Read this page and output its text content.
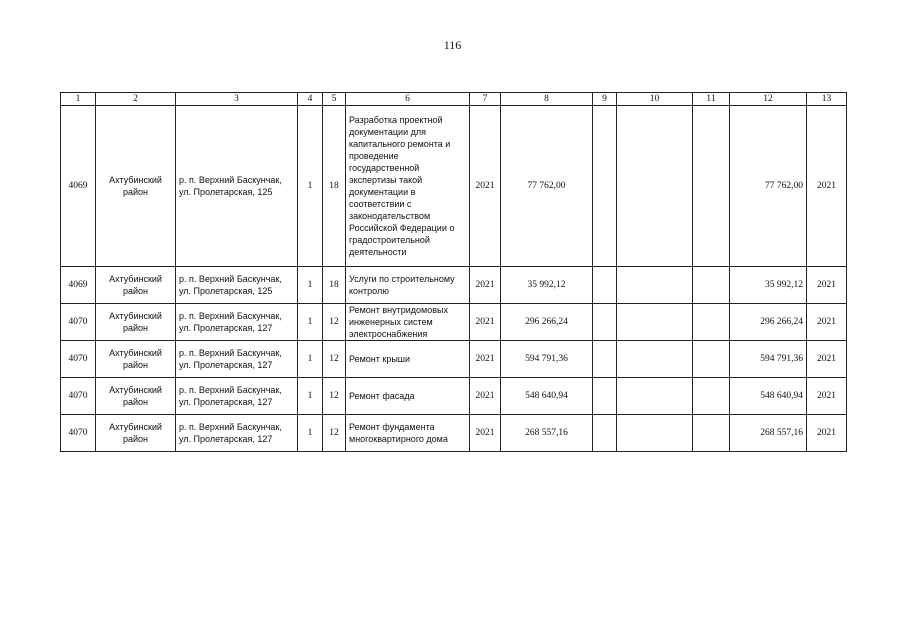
116
1	2	3	4	5	6	7	8	9	10	11	12	13
4069	Ахтубинский район	р. п. Верхний Баскунчак, ул. Пролетарская, 125	1	18	Разработка проектной документации для капитального ремонта и проведение государственной экспертизы такой документации в соответствии с законодательством Российской Федерации о градостроительной деятельности	2021	77 762,00				77 762,00	2021
4069	Ахтубинский район	р. п. Верхний Баскунчак, ул. Пролетарская, 125	1	18	Услуги по строительному контролю	2021	35 992,12				35 992,12	2021
4070	Ахтубинский район	р. п. Верхний Баскунчак, ул. Пролетарская, 127	1	12	Ремонт внутридомовых инженерных систем электроснабжения	2021	296 266,24				296 266,24	2021
4070	Ахтубинский район	р. п. Верхний Баскунчак, ул. Пролетарская, 127	1	12	Ремонт крыши	2021	594 791,36				594 791,36	2021
4070	Ахтубинский район	р. п. Верхний Баскунчак, ул. Пролетарская, 127	1	12	Ремонт фасада	2021	548 640,94				548 640,94	2021
4070	Ахтубинский район	р. п. Верхний Баскунчак, ул. Пролетарская, 127	1	12	Ремонт фундамента многоквартирного дома	2021	268 557,16				268 557,16	2021
